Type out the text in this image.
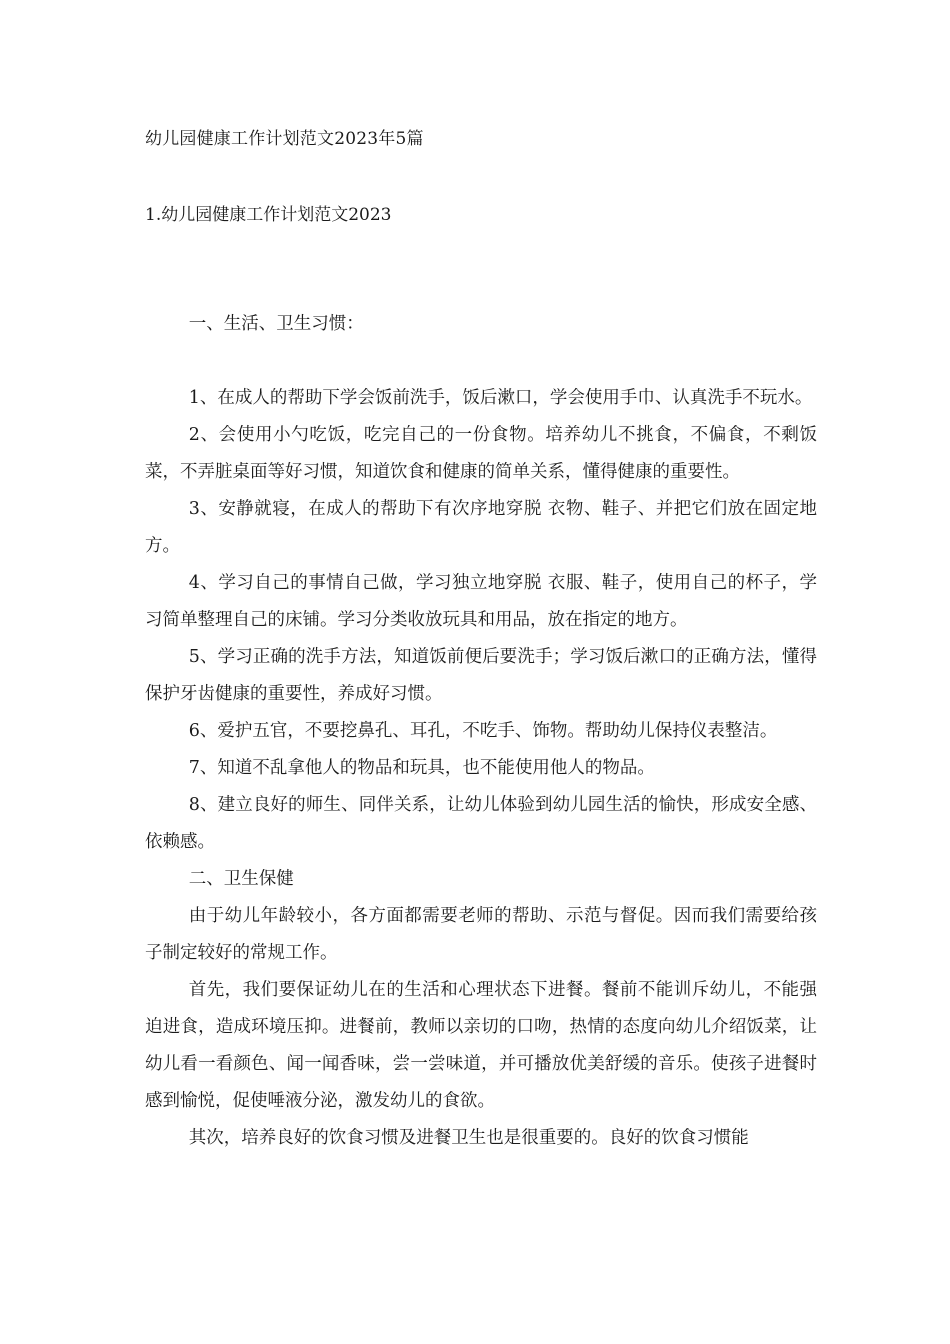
幼儿园健康工作计划范文2023年5篇
1.幼儿园健康工作计划范文2023

一、生活、卫生习惯：

1、在成人的帮助下学会饭前洗手，饭后漱口，学会使用手巾、认真洗手不玩水。

2、会使用小勺吃饭，吃完自己的一份食物。培养幼儿不挑食，不偏食，不剩饭菜，不弄脏桌面等好习惯，知道饮食和健康的简单关系，懂得健康的重要性。

3、安静就寝，在成人的帮助下有次序地穿脱 衣物、鞋子、并把它们放在固定地方。

4、学习自己的事情自己做，学习独立地穿脱 衣服、鞋子，使用自己的杯子，学习简单整理自己的床铺。学习分类收放玩具和用品，放在指定的地方。

5、学习正确的洗手方法，知道饭前便后要洗手；学习饭后漱口的正确方法，懂得保护牙齿健康的重要性，养成好习惯。

6、爱护五官，不要挖鼻孔、耳孔，不吃手、饰物。帮助幼儿保持仪表整洁。

7、知道不乱拿他人的物品和玩具，也不能使用他人的物品。

8、建立良好的师生、同伴关系，让幼儿体验到幼儿园生活的愉快，形成安全感、依赖感。

二、卫生保健

由于幼儿年龄较小，各方面都需要老师的帮助、示范与督促。因而我们需要给孩子制定较好的常规工作。

首先，我们要保证幼儿在的生活和心理状态下进餐。餐前不能训斥幼儿，不能强迫进食，造成环境压抑。进餐前，教师以亲切的口吻，热情的态度向幼儿介绍饭菜，让幼儿看一看颜色、闻一闻香味，尝一尝味道，并可播放优美舒缓的音乐。使孩子进餐时感到愉悦，促使唾液分泌，激发幼儿的食欲。

其次，培养良好的饮食习惯及进餐卫生也是很重要的。良好的饮食习惯能
